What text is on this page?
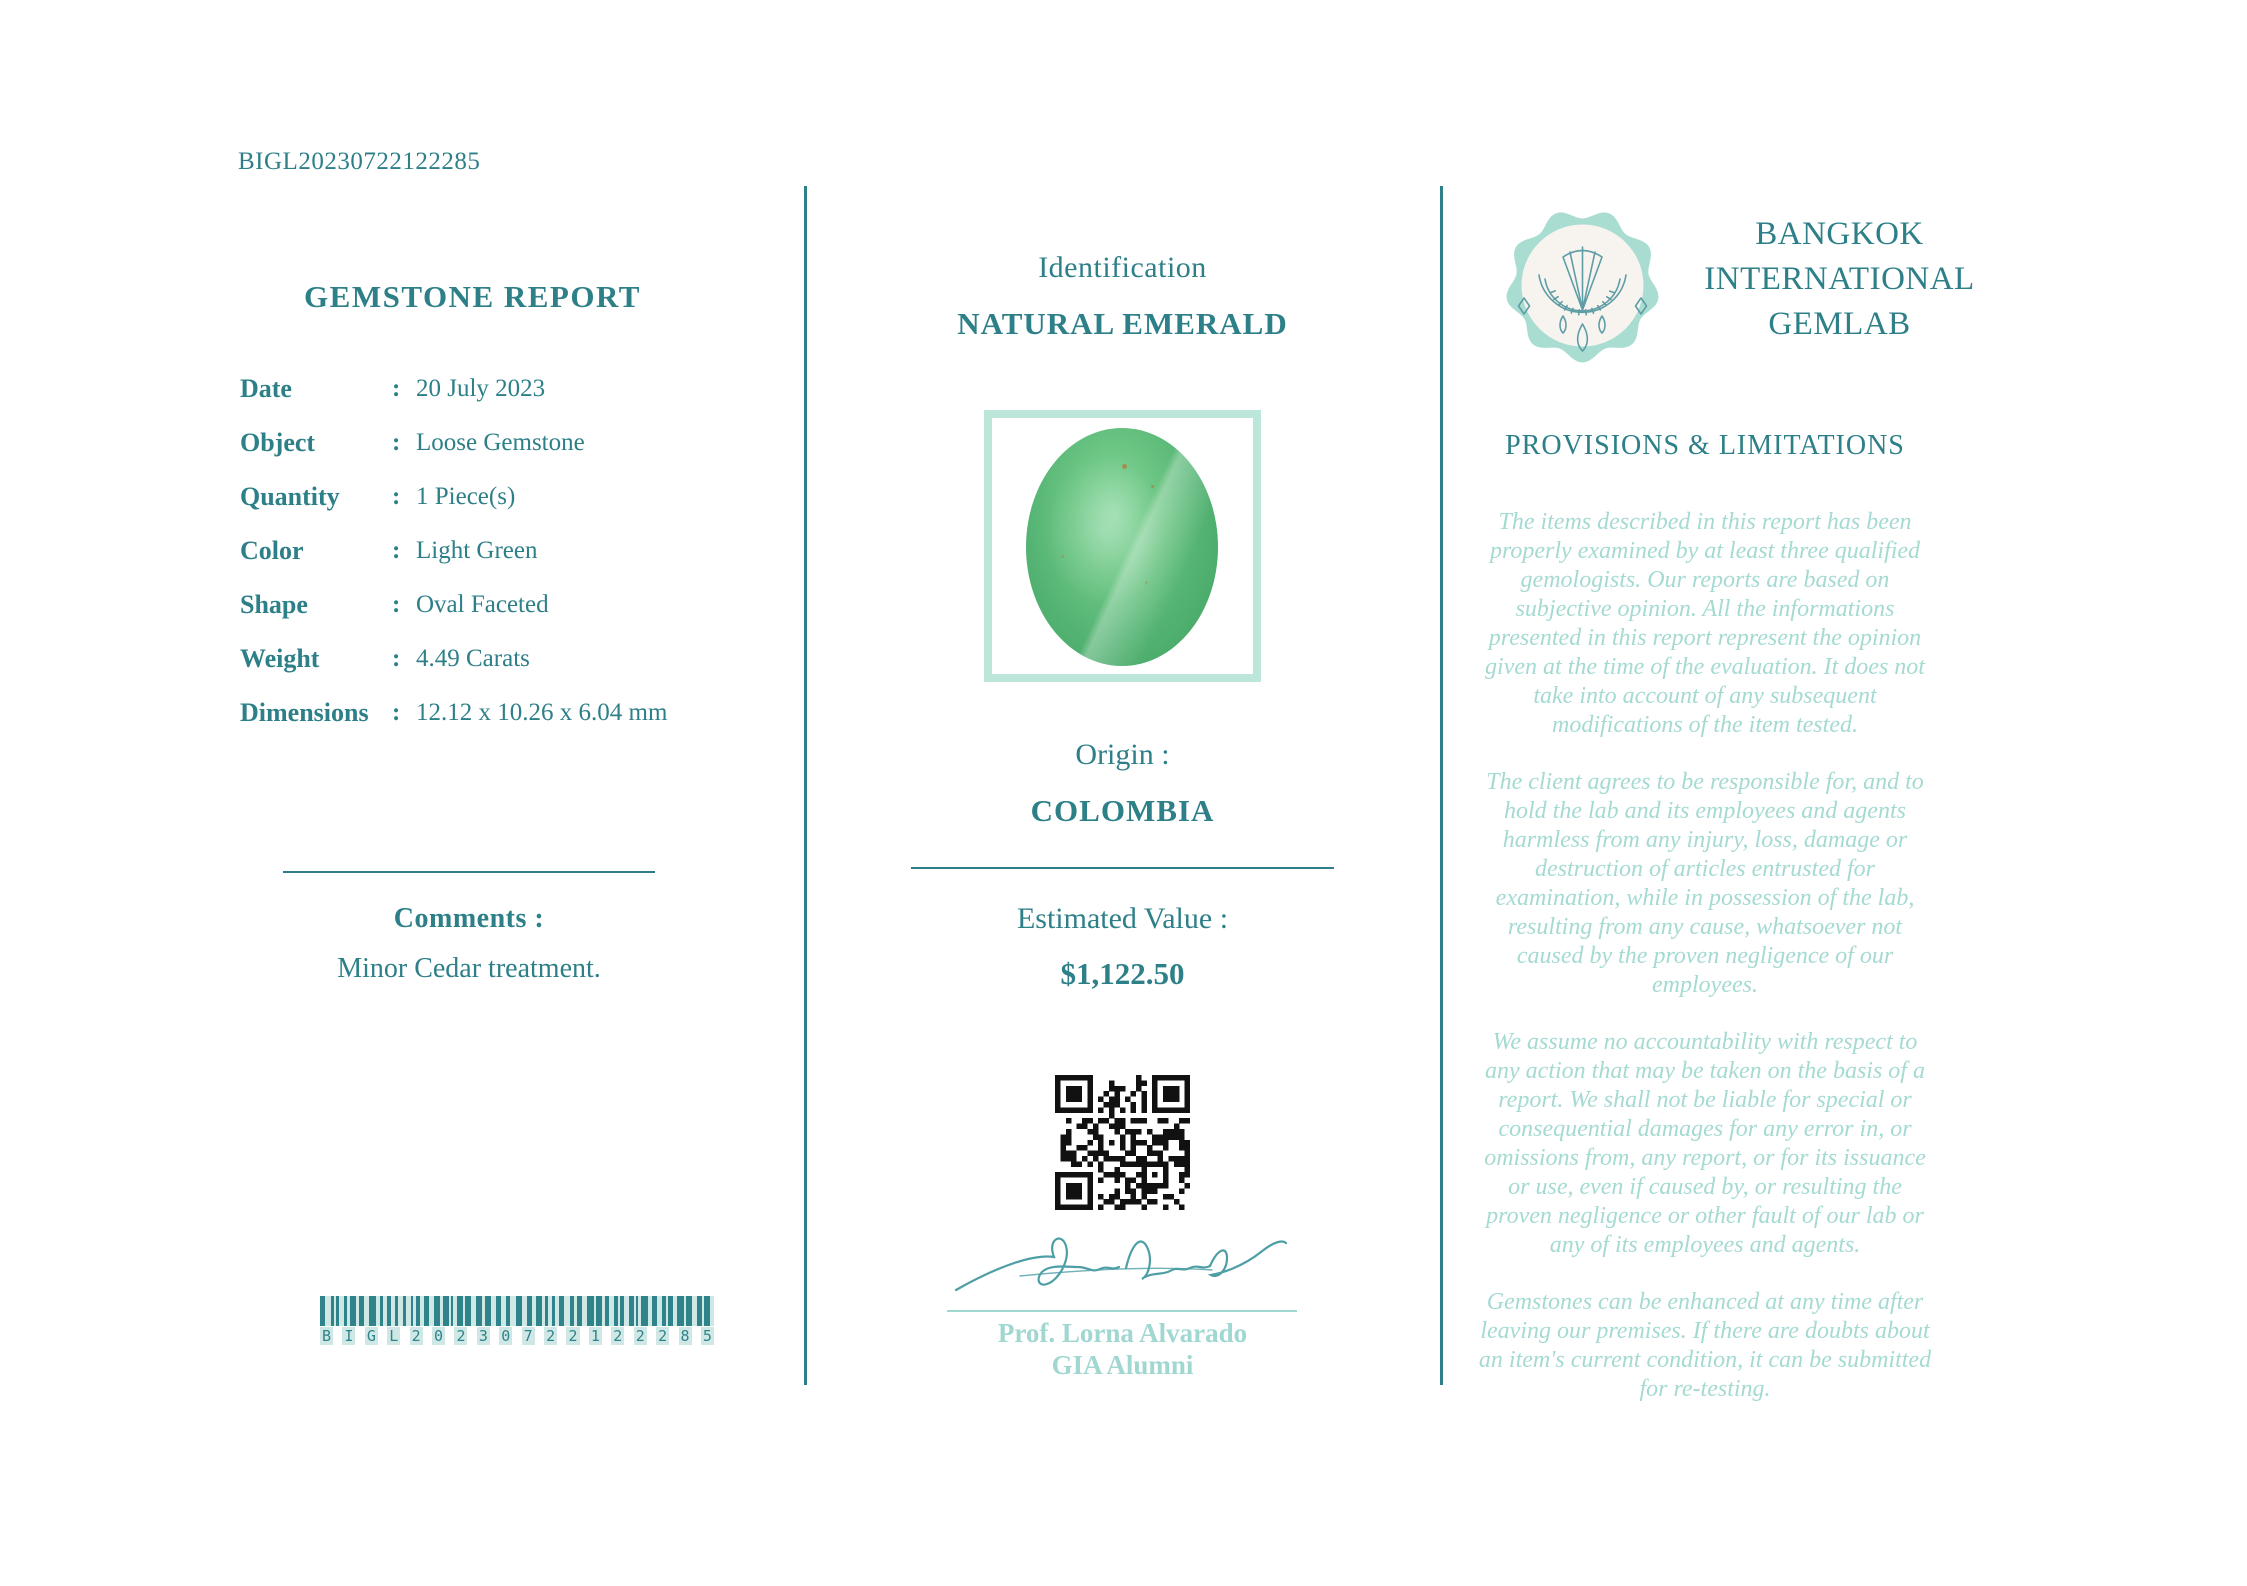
BIGL20230722122285
GEMSTONE REPORT
Date	: 20 July 2023
Object	: Loose Gemstone
Quantity	: 1 Piece(s)
Color	: Light Green
Shape	: Oval Faceted
Weight	: 4.49 Carats
Dimensions : 12.12 x 10.26 x 6.04 mm
Comments :
Minor Cedar treatment.
B I G L 2 0 2 3 0 7 2 2 1 2 2 2 8 5
Identification
NATURAL EMERALD
Origin :
COLOMBIA
Estimated Value :
$1,122.50
Prof. Lorna Alvarado
GIA Alumni
BANGKOK INTERNATIONAL GEMLAB
PROVISIONS & LIMITATIONS

The items described in this report has been properly examined by at least three qualified gemologists. Our reports are based on subjective opinion. All the informations presented in this report represent the opinion given at the time of the evaluation. It does not take into account of any subsequent modifications of the item tested.

The client agrees to be responsible for, and to hold the lab and its employees and agents harmless from any injury, loss, damage or destruction of articles entrusted for examination, while in possession of the lab, resulting from any cause, whatsoever not caused by the proven negligence of our employees.

We assume no accountability with respect to any action that may be taken on the basis of a report. We shall not be liable for special or consequential damages for any error in, or omissions from, any report, or for its issuance or use, even if caused by, or resulting the proven negligence or other fault of our lab or any of its employees and agents.

Gemstones can be enhanced at any time after leaving our premises. If there are doubts about an item's current condition, it can be submitted for re-testing.
